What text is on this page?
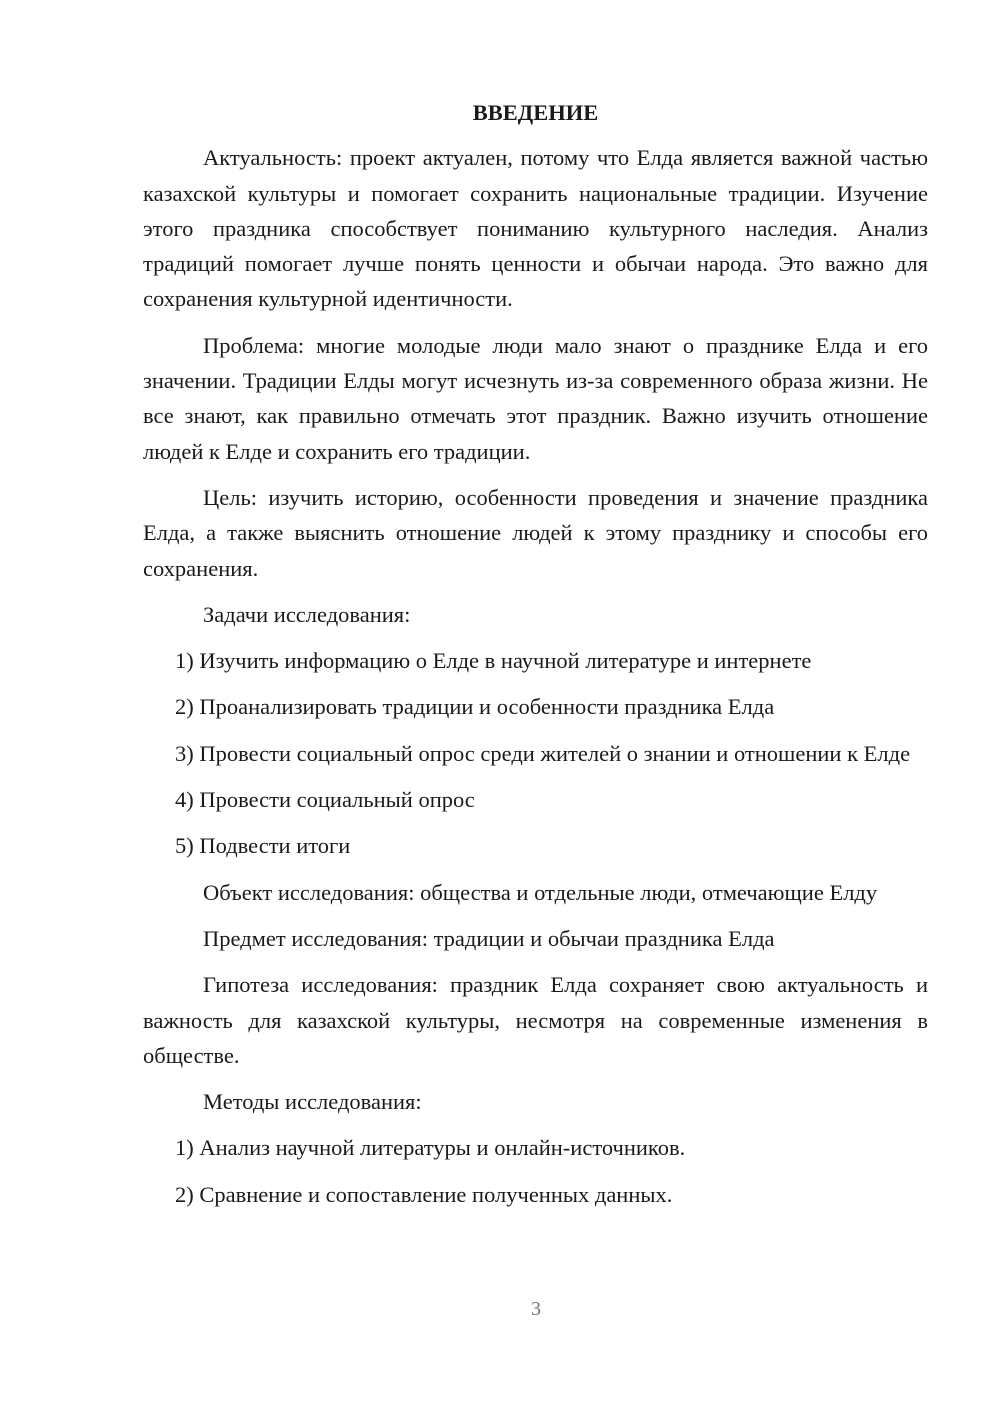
ВВЕДЕНИЕ

Актуальность: проект актуален, потому что Елда является важной частью казахской культуры и помогает сохранить национальные традиции. Изучение этого праздника способствует пониманию культурного наследия. Анализ традиций помогает лучше понять ценности и обычаи народа. Это важно для сохранения культурной идентичности.

Проблема: многие молодые люди мало знают о празднике Елда и его значении. Традиции Елды могут исчезнуть из-за современного образа жизни. Не все знают, как правильно отмечать этот праздник. Важно изучить отношение людей к Елде и сохранить его традиции.

Цель: изучить историю, особенности проведения и значение праздника Елда, а также выяснить отношение людей к этому празднику и способы его сохранения.

Задачи исследования:

1) Изучить информацию о Елде в научной литературе и интернете

2) Проанализировать традиции и особенности праздника Елда

3) Провести социальный опрос среди жителей о знании и отношении к Елде

4) Провести социальный опрос

5) Подвести итоги

Объект исследования: общества и отдельные люди, отмечающие Елду

Предмет исследования: традиции и обычаи праздника Елда

Гипотеза исследования: праздник Елда сохраняет свою актуальность и важность для казахской культуры, несмотря на современные изменения в обществе.

Методы исследования:

1) Анализ научной литературы и онлайн-источников.

2) Сравнение и сопоставление полученных данных.

3
